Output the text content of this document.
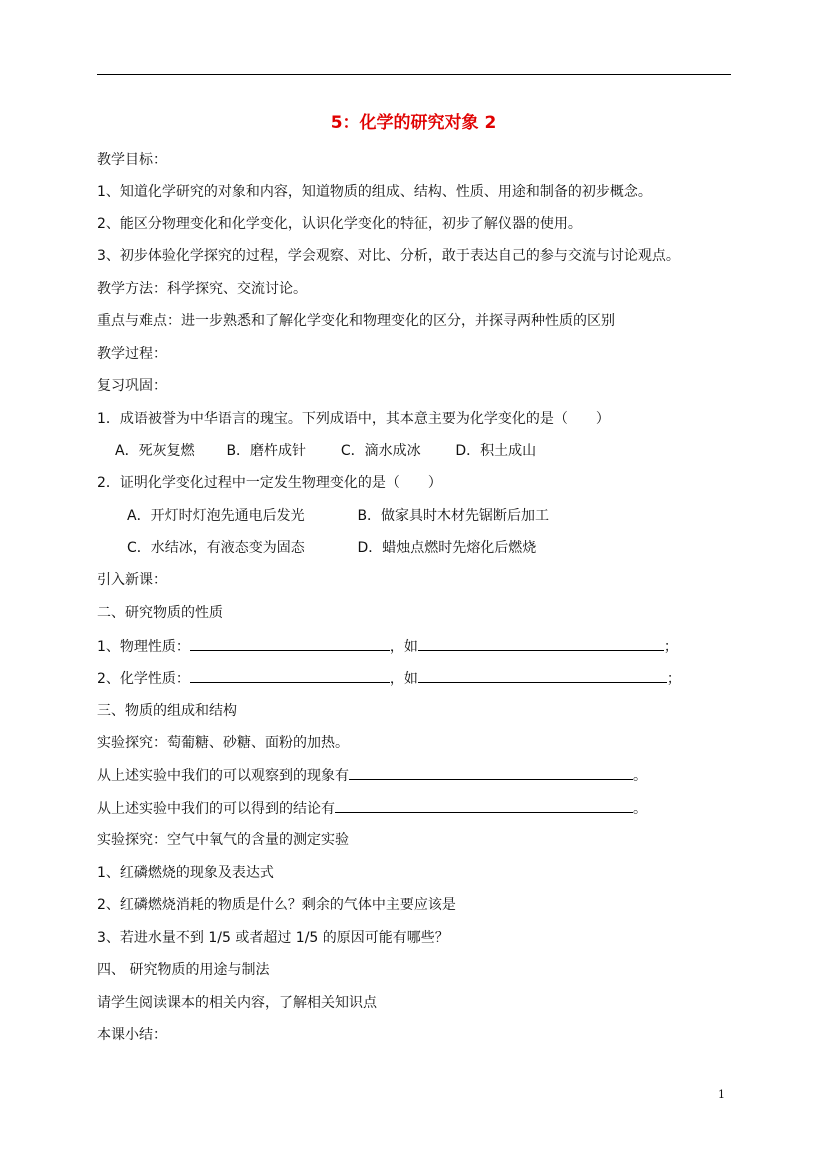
5：化学的研究对象 2
教学目标：
1、知道化学研究的对象和内容，知道物质的组成、结构、性质、用途和制备的初步概念。
2、能区分物理变化和化学变化，认识化学变化的特征，初步了解仪器的使用。
3、初步体验化学探究的过程，学会观察、对比、分析，敢于表达自己的参与交流与讨论观点。
教学方法：科学探究、交流讨论。
重点与难点：进一步熟悉和了解化学变化和物理变化的区分，并探寻两种性质的区别
教学过程：
复习巩固：
1．成语被誉为中华语言的瑰宝。下列成语中，其本意主要为化学变化的是（　　）
A．死灰复燃 B．磨杵成针 C．滴水成冰 D．积土成山
2．证明化学变化过程中一定发生物理变化的是（　　）
A．开灯时灯泡先通电后发光	B．做家具时木材先锯断后加工
C．水结冰，有液态变为固态	D．蜡烛点燃时先熔化后燃烧
引入新课：
二、研究物质的性质
1、物理性质：	，如	；
2、化学性质：	，如	；
三、物质的组成和结构
实验探究：萄葡糖、砂糖、面粉的加热。
从上述实验中我们的可以观察到的现象有	。
从上述实验中我们的可以得到的结论有	。
实验探究：空气中氧气的含量的测定实验
1、红磷燃烧的现象及表达式
2、红磷燃烧消耗的物质是什么？剩余的气体中主要应该是
3、若进水量不到 1/5 或者超过 1/5 的原因可能有哪些？
四、 研究物质的用途与制法
请学生阅读课本的相关内容，了解相关知识点
本课小结：
1
